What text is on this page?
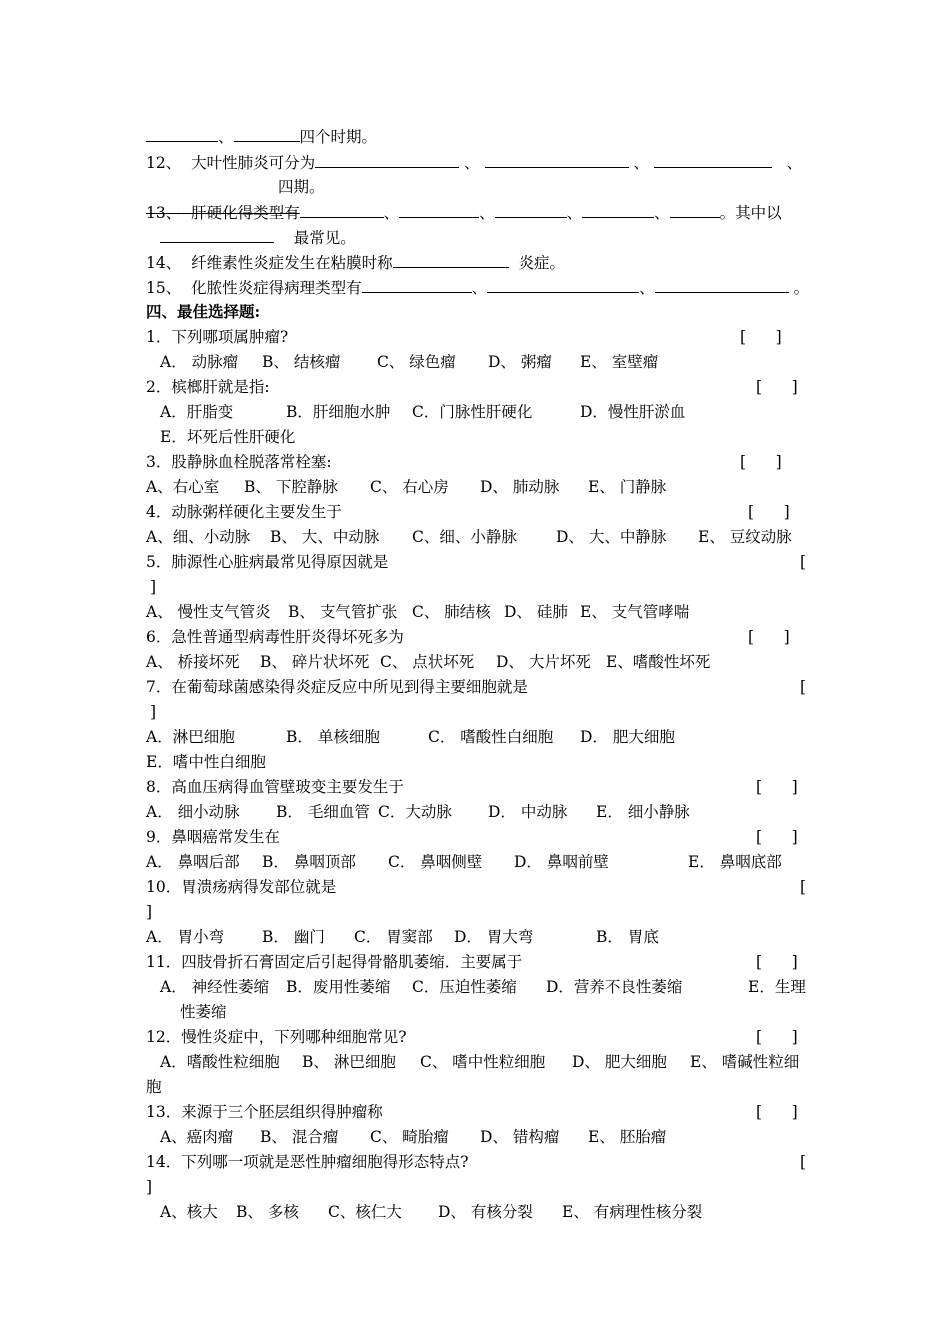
、	四个时期。
12、 大叶性肺炎可分为	、	、	、
四期。
13、 肝硬化得类型有	、	、	、	、	。其中以
最常见。
14、 纤维素性炎症发生在粘膜时称	炎症。
15、 化脓性炎症得病理类型有	、	、	。
四、最佳选择题:
1．下列哪项属肿瘤?	[      ]
A． 动脉瘤 B、 结核瘤 C、 绿色瘤 D、 粥瘤 E、 室壁瘤
2．槟榔肝就是指:	[      ]
A．肝脂变	B．肝细胞水肿 C．门脉性肝硬化	D．慢性肝淤血
E．坏死后性肝硬化
3．股静脉血栓脱落常栓塞:	[      ]
A、右心室 B、 下腔静脉 C、 右心房 D、 肺动脉 E、 门静脉
4．动脉粥样硬化主要发生于	[      ]
A、细、小动脉 B、 大、中动脉 C、细、小静脉	D、 大、中静脉 E、 豆纹动脉
5．肺源性心脏病最常见得原因就是	[
]
A、 慢性支气管炎 B、 支气管扩张 C、 肺结核 D、 硅肺 E、 支气管哮喘
6．急性普通型病毒性肝炎得坏死多为	[      ]
A、 桥接坏死 B、 碎片状坏死 C、 点状坏死 D、 大片坏死 E、嗜酸性坏死
7．在葡萄球菌感染得炎症反应中所见到得主要细胞就是	[
]
A．淋巴细胞	B． 单核细胞	C． 嗜酸性白细胞 D． 肥大细胞
E．嗜中性白细胞
8．高血压病得血管壁玻变主要发生于	[      ]
A． 细小动脉 B． 毛细血管 C．大动脉 D． 中动脉 E． 细小静脉
9．鼻咽癌常发生在	[      ]
A． 鼻咽后部 B． 鼻咽顶部 C． 鼻咽侧壁 D． 鼻咽前壁	E． 鼻咽底部
10．胃溃疡病得发部位就是	[
]
A． 胃小弯 B． 幽门 C． 胃窦部 D． 胃大弯	B． 胃底
11．四肢骨折石膏固定后引起得骨骼肌萎缩．主要属于	[      ]
A． 神经性萎缩 B．废用性萎缩 C．压迫性萎缩 D．营养不良性萎缩	E．生理
性萎缩
12．慢性炎症中，下列哪种细胞常见?	[      ]
A．嗜酸性粒细胞 B、 淋巴细胞 C、 嗜中性粒细胞 D、 肥大细胞 E、 嗜碱性粒细
胞
13．来源于三个胚层组织得肿瘤称	[      ]
A、癌肉瘤 B、 混合瘤 C、 畸胎瘤 D、 错构瘤 E、 胚胎瘤
14．下列哪一项就是恶性肿瘤细胞得形态特点?	[
]
A、核大 B、 多核 C、核仁大 D、 有核分裂 E、 有病理性核分裂
